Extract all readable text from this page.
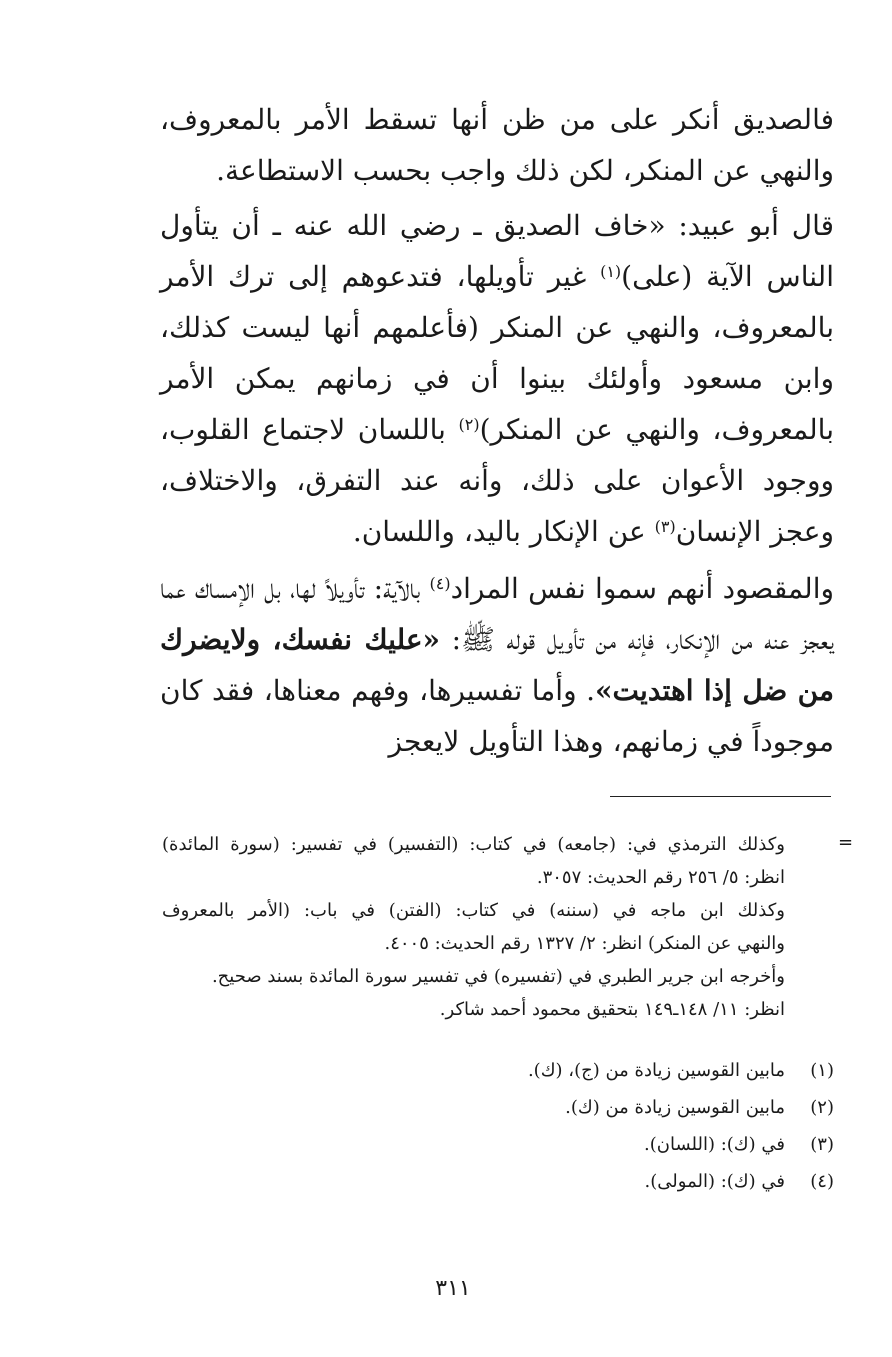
فالصديق أنكر على من ظن أنها تسقط الأمر بالمعروف، والنهي عن المنكر، لكن ذلك واجب بحسب الاستطاعة.

قال أبو عبيد: «خاف الصديق ـ رضي الله عنه ـ أن يتأول الناس الآية (على)$^{(١)}$ غير تأويلها، فتدعوهم إلى ترك الأمر بالمعروف، والنهي عن المنكر (فأعلمهم أنها ليست كذلك، وابن مسعود وأولئك بينوا أن في زمانهم يمكن الأمر بالمعروف، والنهي عن المنكر)$^{(٢)}$ باللسان لاجتماع القلوب، ووجود الأعوان على ذلك، وأنه عند التفرق، والاختلاف، وعجز الإنسان$^{(٣)}$ عن الإنكار باليد، واللسان.

والمقصود أنهم سموا نفس المراد$^{(٤)}$ بالآية: تأويلاً لها، بل الإمساك عما يعجز عنه من الإنكار، فإنه من تأويل قوله ﷺ: «عليك نفسك، ولايضرك من ضل إذا اهتديت». وأما تفسيرها، وفهم معناها، فقد كان موجوداً في زمانهم، وهذا التأويل لايعجز

=
وكذلك الترمذي في: (جامعه) في كتاب: (التفسير) في تفسير: (سورة المائدة)
انظر: ٥/ ٢٥٦ رقم الحديث: ٣٠٥٧.
وكذلك ابن ماجه في (سننه) في كتاب: (الفتن) في باب: (الأمر بالمعروف
والنهي عن المنكر) انظر: ٢/ ١٣٢٧ رقم الحديث: ٤٠٠٥.
وأخرجه ابن جرير الطبري في (تفسيره) في تفسير سورة المائدة بسند صحيح.
انظر: ١١/ ١٤٨ـ١٤٩ بتحقيق محمود أحمد شاكر.
(١)
مابين القوسين زيادة من (ج)، (ك).
(٢)
مابين القوسين زيادة من (ك).
(٣)
في (ك): (اللسان).
(٤)
في (ك): (المولى).
٣١١
